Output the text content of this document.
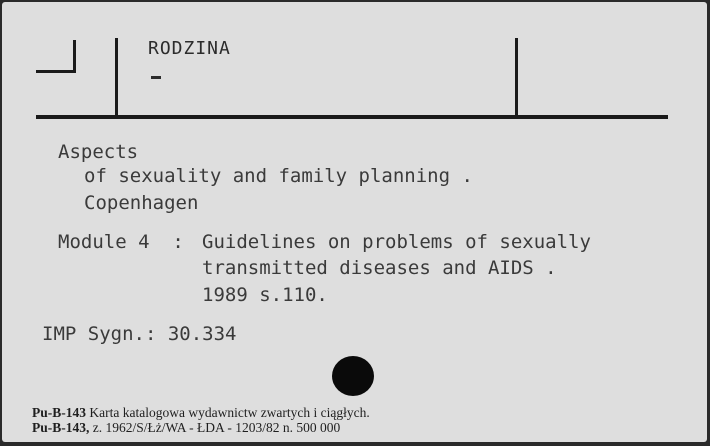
RODZINA
Aspects
of sexuality and family planning .
Copenhagen
Module 4  : Guidelines on problems of sexually
transmitted diseases and AIDS .
1989 s.110.
IMP Sygn.: 30.334
Pu-B-143 Karta katalogowa wydawnictw zwartych i ciągłych.
Pu-B-143, z. 1962/S/Łż/WA - ŁDA - 1203/82 n. 500 000
